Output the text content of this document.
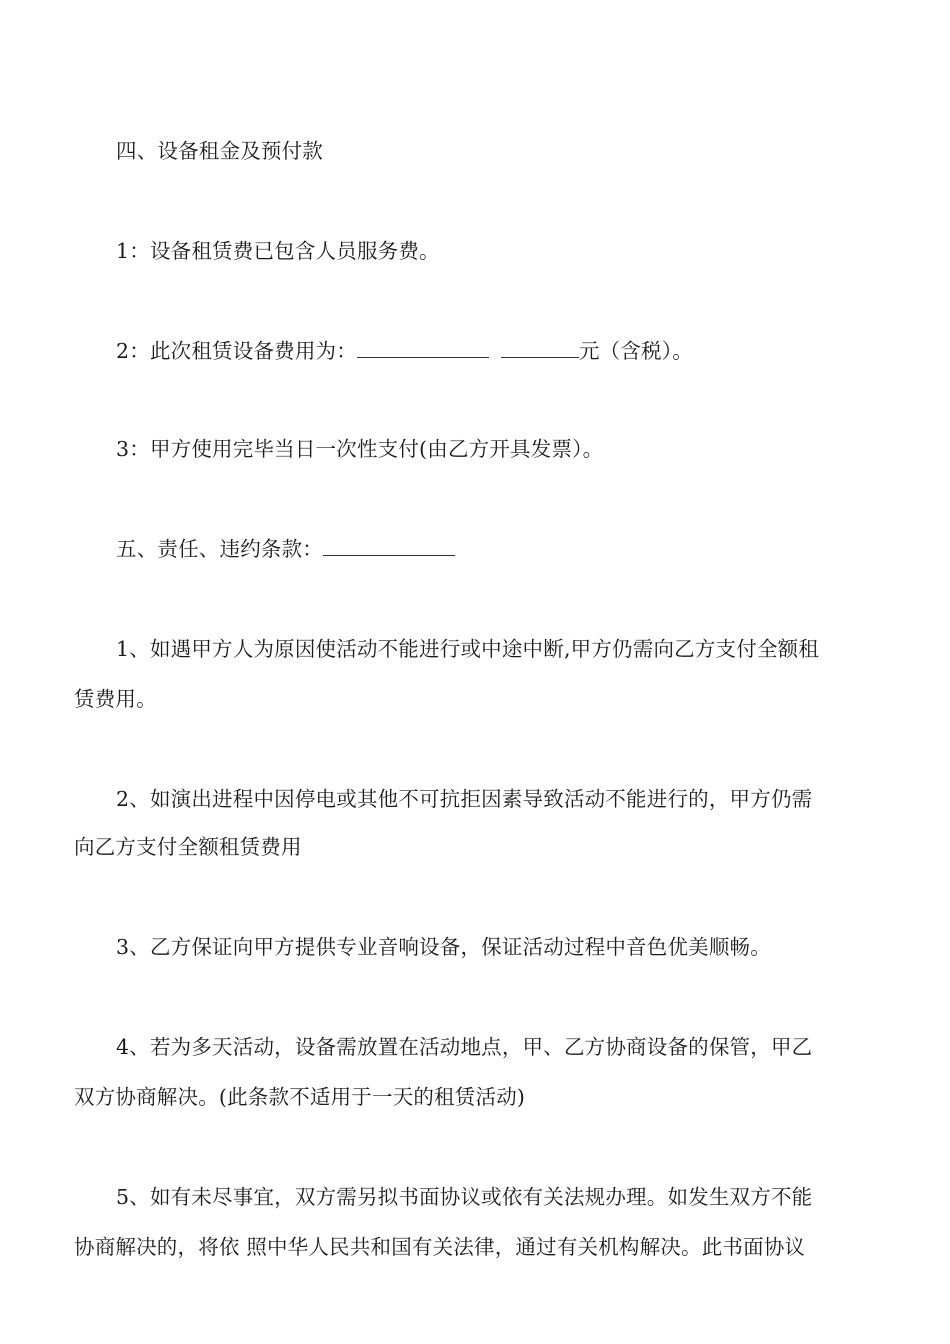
四、设备租金及预付款
1：设备租赁费已包含人员服务费。
2：此次租赁设备费用为：	元（含税）。
3：甲方使用完毕当日一次性支付(由乙方开具发票）。
五、责任、违约条款：
1、如遇甲方人为原因使活动不能进行或中途中断,甲方仍需向乙方支付全额租
赁费用。
2、如演出进程中因停电或其他不可抗拒因素导致活动不能进行的，甲方仍需
向乙方支付全额租赁费用
3、乙方保证向甲方提供专业音响设备，保证活动过程中音色优美顺畅。
4、若为多天活动，设备需放置在活动地点，甲、乙方协商设备的保管，甲乙
双方协商解决。(此条款不适用于一天的租赁活动)
5、如有未尽事宜，双方需另拟书面协议或依有关法规办理。如发生双方不能
协商解决的，将依 照中华人民共和国有关法律，通过有关机构解决。此书面协议
